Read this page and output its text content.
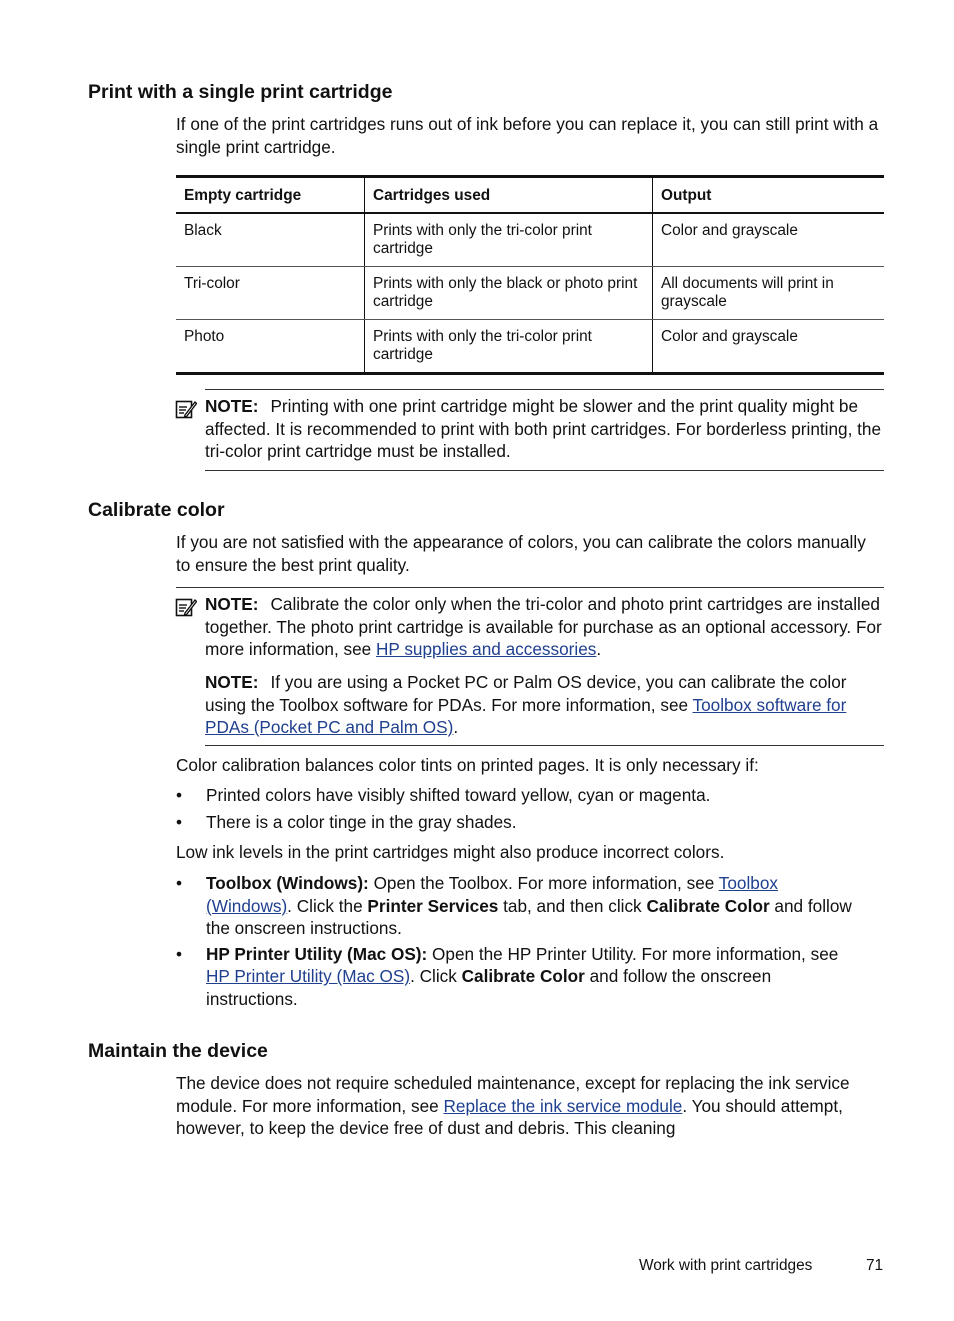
Print with a single print cartridge

If one of the print cartridges runs out of ink before you can replace it, you can still print with a single print cartridge.

Empty cartridge	Cartridges used	Output
Black	Prints with only the tri-color print cartridge	Color and grayscale
Tri-color	Prints with only the black or photo print cartridge	All documents will print in grayscale
Photo	Prints with only the tri-color print cartridge	Color and grayscale

NOTE: Printing with one print cartridge might be slower and the print quality might be affected. It is recommended to print with both print cartridges. For borderless printing, the tri-color print cartridge must be installed.

Calibrate color

If you are not satisfied with the appearance of colors, you can calibrate the colors manually to ensure the best print quality.

NOTE: Calibrate the color only when the tri-color and photo print cartridges are installed together. The photo print cartridge is available for purchase as an optional accessory. For more information, see HP supplies and accessories.

NOTE: If you are using a Pocket PC or Palm OS device, you can calibrate the color using the Toolbox software for PDAs. For more information, see Toolbox software for PDAs (Pocket PC and Palm OS).

Color calibration balances color tints on printed pages. It is only necessary if:

• Printed colors have visibly shifted toward yellow, cyan or magenta.
• There is a color tinge in the gray shades.

Low ink levels in the print cartridges might also produce incorrect colors.

• Toolbox (Windows): Open the Toolbox. For more information, see Toolbox (Windows). Click the Printer Services tab, and then click Calibrate Color and follow the onscreen instructions.
• HP Printer Utility (Mac OS): Open the HP Printer Utility. For more information, see HP Printer Utility (Mac OS). Click Calibrate Color and follow the onscreen instructions.
Maintain the device

The device does not require scheduled maintenance, except for replacing the ink service module. For more information, see Replace the ink service module. You should attempt, however, to keep the device free of dust and debris. This cleaning

Work with print cartridges	71
